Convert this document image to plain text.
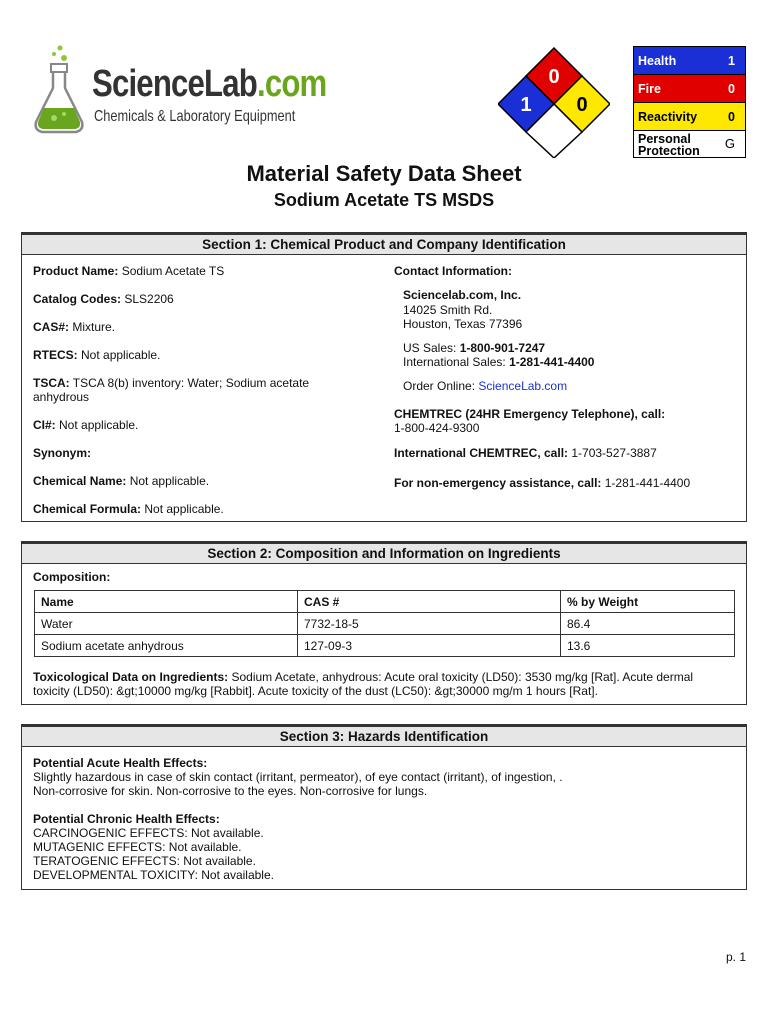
ScienceLab.com
Chemicals & Laboratory Equipment
0
1 0
Health	1
Fire	0
Reactivity 0
Personal
Protection G
Material Safety Data Sheet
Sodium Acetate TS MSDS
Section 1: Chemical Product and Company Identification
Product Name: Sodium Acetate TS
Catalog Codes: SLS2206
CAS#: Mixture.
RTECS: Not applicable.
TSCA: TSCA 8(b) inventory: Water; Sodium acetate
anhydrous
CI#: Not applicable.
Synonym:
Chemical Name: Not applicable.
Chemical Formula: Not applicable.
Contact Information:
Sciencelab.com, Inc.
14025 Smith Rd.
Houston, Texas 77396
US Sales: 1-800-901-7247
International Sales: 1-281-441-4400
Order Online: ScienceLab.com
CHEMTREC (24HR Emergency Telephone), call:
1-800-424-9300
International CHEMTREC, call: 1-703-527-3887
For non-emergency assistance, call: 1-281-441-4400
Section 2: Composition and Information on Ingredients
Composition:
Name	CAS #	% by Weight
Water	7732-18-5	86.4
Sodium acetate anhydrous	127-09-3	13.6
Toxicological Data on Ingredients: Sodium Acetate, anhydrous: Acute oral toxicity (LD50): 3530 mg/kg [Rat]. Acute dermal
toxicity (LD50): &gt;10000 mg/kg [Rabbit]. Acute toxicity of the dust (LC50): &gt;30000 mg/m 1 hours [Rat].
Section 3: Hazards Identification
Potential Acute Health Effects:
Slightly hazardous in case of skin contact (irritant, permeator), of eye contact (irritant), of ingestion, .
Non-corrosive for skin. Non-corrosive to the eyes. Non-corrosive for lungs.
Potential Chronic Health Effects:
CARCINOGENIC EFFECTS: Not available.
MUTAGENIC EFFECTS: Not available.
TERATOGENIC EFFECTS: Not available.
DEVELOPMENTAL TOXICITY: Not available.
p. 1
